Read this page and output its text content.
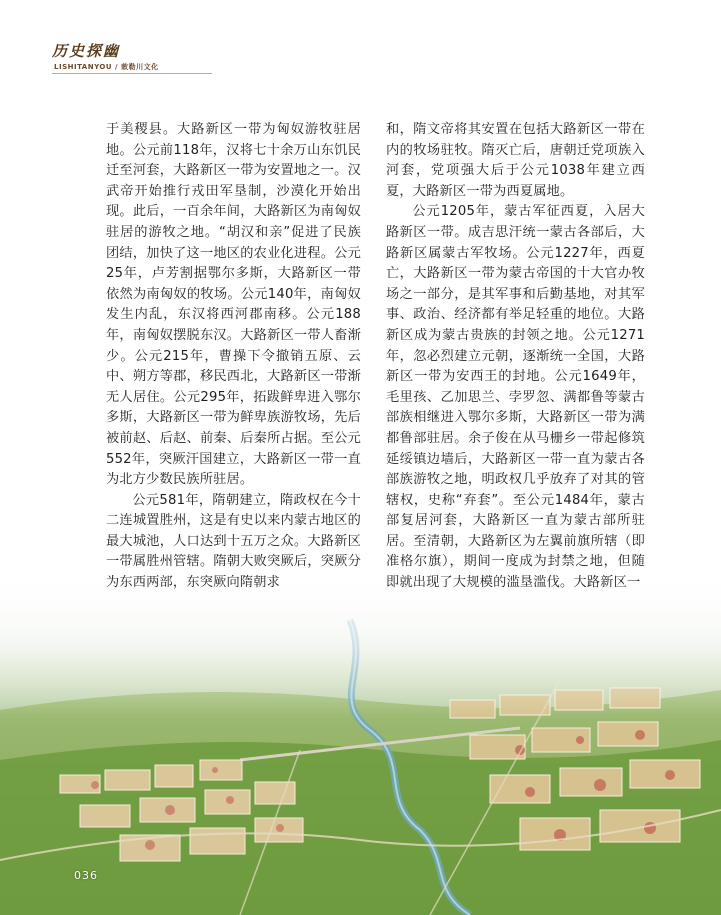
历史探幽
LISHITANYOU / 敕勒川文化

于美稷县。大路新区一带为匈奴游牧驻居地。公元前118年，汉将七十余万山东饥民迁至河套，大路新区一带为安置地之一。汉武帝开始推行戎田军垦制，沙漠化开始出现。此后，一百余年间，大路新区为南匈奴驻居的游牧之地。“胡汉和亲”促进了民族团结，加快了这一地区的农业化进程。公元25年，卢芳割据鄂尔多斯，大路新区一带依然为南匈奴的牧场。公元140年，南匈奴发生内乱，东汉将西河郡南移。公元188年，南匈奴摆脱东汉。大路新区一带人畜渐少。公元215年，曹操下令撤销五原、云中、朔方等郡，移民西北，大路新区一带渐无人居住。公元295年，拓跋鲜卑进入鄂尔多斯，大路新区一带为鲜卑族游牧场，先后被前赵、后赵、前秦、后秦所占据。至公元552年，突厥汗国建立，大路新区一带一直为北方少数民族所驻居。

公元581年，隋朝建立，隋政权在今十二连城置胜州，这是有史以来内蒙古地区的最大城池，人口达到十五万之众。大路新区一带属胜州管辖。隋朝大败突厥后，突厥分为东西两部，东突厥向隋朝求

和，隋文帝将其安置在包括大路新区一带在内的牧场驻牧。隋灭亡后，唐朝迁党项族入河套，党项强大后于公元1038年建立西夏，大路新区一带为西夏属地。

公元1205年，蒙古军征西夏，入居大路新区一带。成吉思汗统一蒙古各部后，大路新区属蒙古军牧场。公元1227年，西夏亡，大路新区一带为蒙古帝国的十大官办牧场之一部分，是其军事和后勤基地，对其军事、政治、经济都有举足轻重的地位。大路新区成为蒙古贵族的封领之地。公元1271年，忽必烈建立元朝，逐渐统一全国，大路新区一带为安西王的封地。公元1649年，毛里孩、乙加思兰、孛罗忽、满都鲁等蒙古部族相继进入鄂尔多斯，大路新区一带为满都鲁部驻居。余子俊在从马栅乡一带起修筑延绥镇边墙后，大路新区一带一直为蒙古各部族游牧之地，明政权几乎放弃了对其的管辖权，史称“弃套”。至公元1484年，蒙古部复居河套，大路新区一直为蒙古部所驻居。至清朝，大路新区为左翼前旗所辖（即准格尔旗），期间一度成为封禁之地，但随即就出现了大规模的滥垦滥伐。大路新区一

036
